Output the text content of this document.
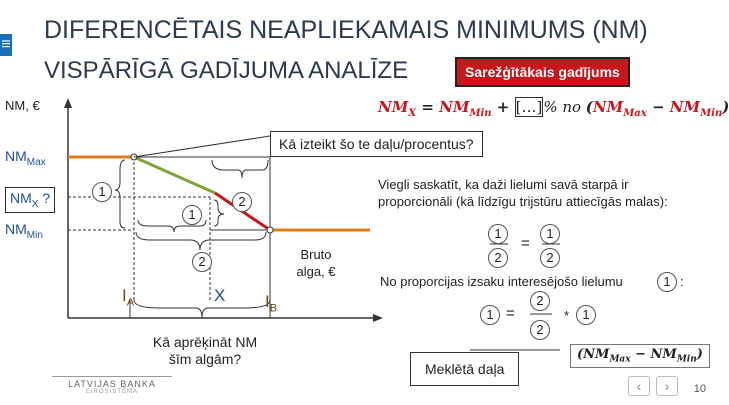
≡
DIFERENCĒTAIS NEAPLIEKAMAIS MINIMUMS (NM)
VISPĀRĪGĀ GADĪJUMA ANALĪZE	Sarežģītākais gadījums
$NM_X = NM_{Min}$ + […]% no $(NM_{Max} - NM_{Min})$
NM, €
$NM_{Max}$
$NM_X$ ?
$NM_{Min}$
Kā izteikt šo te daļu/procentus?
1
2
1
2	Bruto alga, €
$I_A$	X $I_B$
Kā aprēķināt NM šīm algām?
Viegli saskatīt, ka daži lielumi savā starpā ir proporcionāli (kā līdzīgu trijstūru attiecīgās malas):
1	1
=
2	2
No proporcijas izsaku interesējošo lielumu	1 :
1 =
2
2
*	1
$(NM_{Max} - NM_{Min})$
Meklētā daļa
LATVIJAS BANKA
EIROSISTĒMA	‹	›	10
